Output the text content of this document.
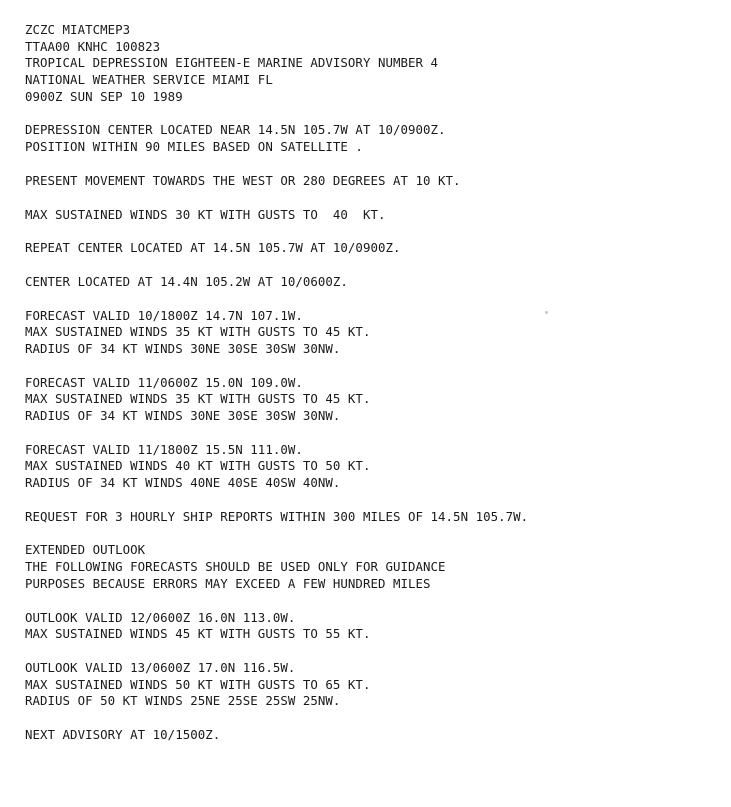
ZCZC MIATCMEP3
TTAA00 KNHC 100823
TROPICAL DEPRESSION EIGHTEEN-E MARINE ADVISORY NUMBER 4
NATIONAL WEATHER SERVICE MIAMI FL
0900Z SUN SEP 10 1989
DEPRESSION CENTER LOCATED NEAR 14.5N 105.7W AT 10/0900Z.
POSITION WITHIN 90 MILES BASED ON SATELLITE .
PRESENT MOVEMENT TOWARDS THE WEST OR 280 DEGREES AT 10 KT.
MAX SUSTAINED WINDS 30 KT WITH GUSTS TO  40  KT.
REPEAT CENTER LOCATED AT 14.5N 105.7W AT 10/0900Z.
CENTER LOCATED AT 14.4N 105.2W AT 10/0600Z.
FORECAST VALID 10/1800Z 14.7N 107.1W.
MAX SUSTAINED WINDS 35 KT WITH GUSTS TO 45 KT.
RADIUS OF 34 KT WINDS 30NE 30SE 30SW 30NW.
FORECAST VALID 11/0600Z 15.0N 109.0W.
MAX SUSTAINED WINDS 35 KT WITH GUSTS TO 45 KT.
RADIUS OF 34 KT WINDS 30NE 30SE 30SW 30NW.
FORECAST VALID 11/1800Z 15.5N 111.0W.
MAX SUSTAINED WINDS 40 KT WITH GUSTS TO 50 KT.
RADIUS OF 34 KT WINDS 40NE 40SE 40SW 40NW.
REQUEST FOR 3 HOURLY SHIP REPORTS WITHIN 300 MILES OF 14.5N 105.7W.
EXTENDED OUTLOOK
THE FOLLOWING FORECASTS SHOULD BE USED ONLY FOR GUIDANCE
PURPOSES BECAUSE ERRORS MAY EXCEED A FEW HUNDRED MILES
OUTLOOK VALID 12/0600Z 16.0N 113.0W.
MAX SUSTAINED WINDS 45 KT WITH GUSTS TO 55 KT.
OUTLOOK VALID 13/0600Z 17.0N 116.5W.
MAX SUSTAINED WINDS 50 KT WITH GUSTS TO 65 KT.
RADIUS OF 50 KT WINDS 25NE 25SE 25SW 25NW.
NEXT ADVISORY AT 10/1500Z.
